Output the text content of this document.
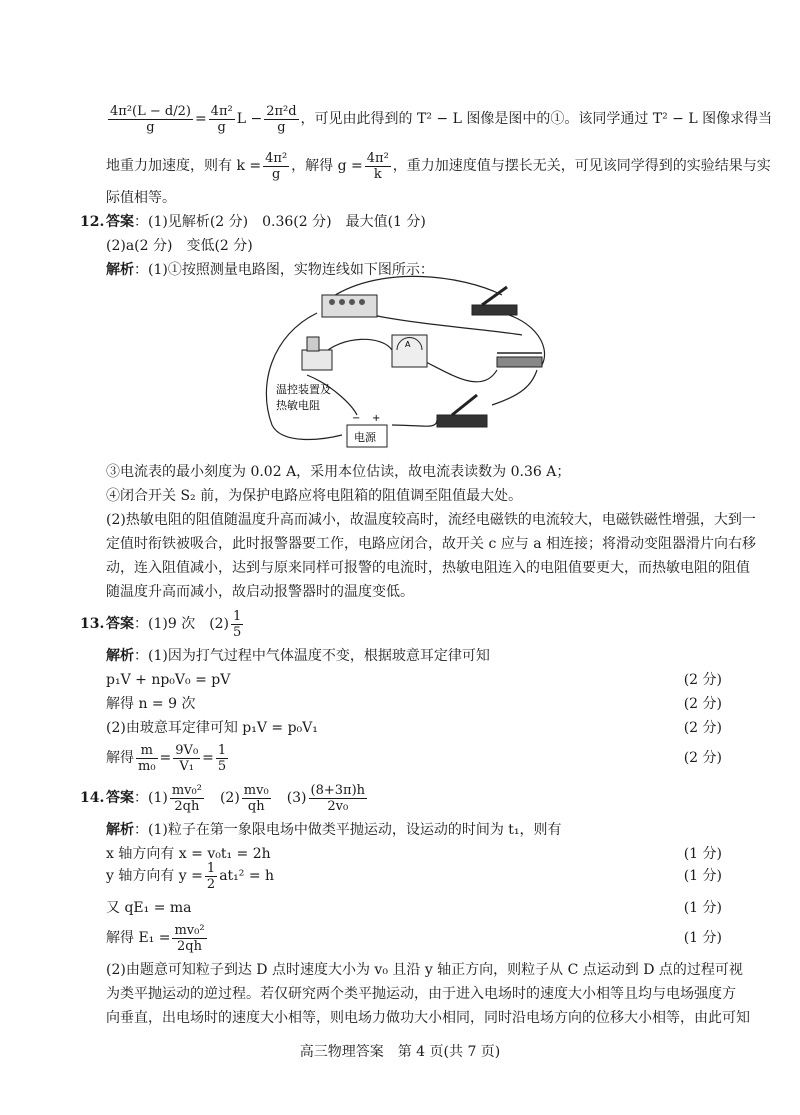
$\frac{\text{4π²(L − d/2)}}{g} = \frac{\text{4π²}}{g}$ $L - \frac{\text{2π²d}}{g}$ ，可见由此得到的 T² − L 图像是图中的①。该同学通过 T² − L 图像求得当
地重力加速度，则有 $k = \frac{\text{4π²}}{g}$ ，解得 $g = \frac{\text{4π²}}{k}$ ，重力加速度值与摆长无关，可见该同学得到的实验结果与实
际值相等。
12. 答案：(1)见解析(2 分)　0.36(2 分)　最大值(1 分)
(2)a(2 分)　变低(2 分)
解析：(1)①按照测量电路图，实物连线如下图所示：
A
温控装置及
热敏电阻
− +
电源
③电流表的最小刻度为 0.02 A，采用本位估读，故电流表读数为 0.36 A；
④闭合开关 S₂ 前，为保护电路应将电阻箱的阻值调至阻值最大处。
(2)热敏电阻的阻值随温度升高而减小，故温度较高时，流经电磁铁的电流较大，电磁铁磁性增强，大到一
定值时衔铁被吸合，此时报警器要工作，电路应闭合，故开关 c 应与 a 相连接；将滑动变阻器滑片向右移
动，连入阻值减小，达到与原来同样可报警的电流时，热敏电阻连入的电阻值要更大，而热敏电阻的阻值
随温度升高而减小，故启动报警器时的温度变低。
13. 答案：(1)9 次　$(2) \frac{1}{5}$
解析：(1)因为打气过程中气体温度不变，根据玻意耳定律可知
p₁V + np₀V₀ = pV	(2 分)
解得 n = 9 次	(2 分)
(2)由玻意耳定律可知 p₁V = p₀V₁	(2 分)
解得 $\frac{m}{\text{m₀}} = \frac{\text{9V₀}}{\text{V₁}} = \frac{1}{5}$	(2 分)
14. 答案：$(1) \frac{\text{mv₀²}}{2qh}$
　 $(2) \frac{\text{mv₀}}{qh}$
　 $(3) \frac{(8+3\pi)h}{\text{2v₀}}$
解析：(1)粒子在第一象限电场中做类平抛运动，设运动的时间为 t₁，则有
x 轴方向有 x = v₀t₁ = 2h	(1 分)
y 轴方向有 $y = \frac{1}{2} at_1^2 = h$	(1 分)
又 qE₁ = ma	(1 分)
解得 $E_1 = \frac{\text{mv₀²}}{2qh}$	(1 分)
(2)由题意可知粒子到达 D 点时速度大小为 v₀ 且沿 y 轴正方向，则粒子从 C 点运动到 D 点的过程可视
为类平抛运动的逆过程。若仅研究两个类平抛运动，由于进入电场时的速度大小相等且均与电场强度方
向垂直，出电场时的速度大小相等，则电场力做功大小相同，同时沿电场方向的位移大小相等，由此可知
高三物理答案　第 4 页(共 7 页)
